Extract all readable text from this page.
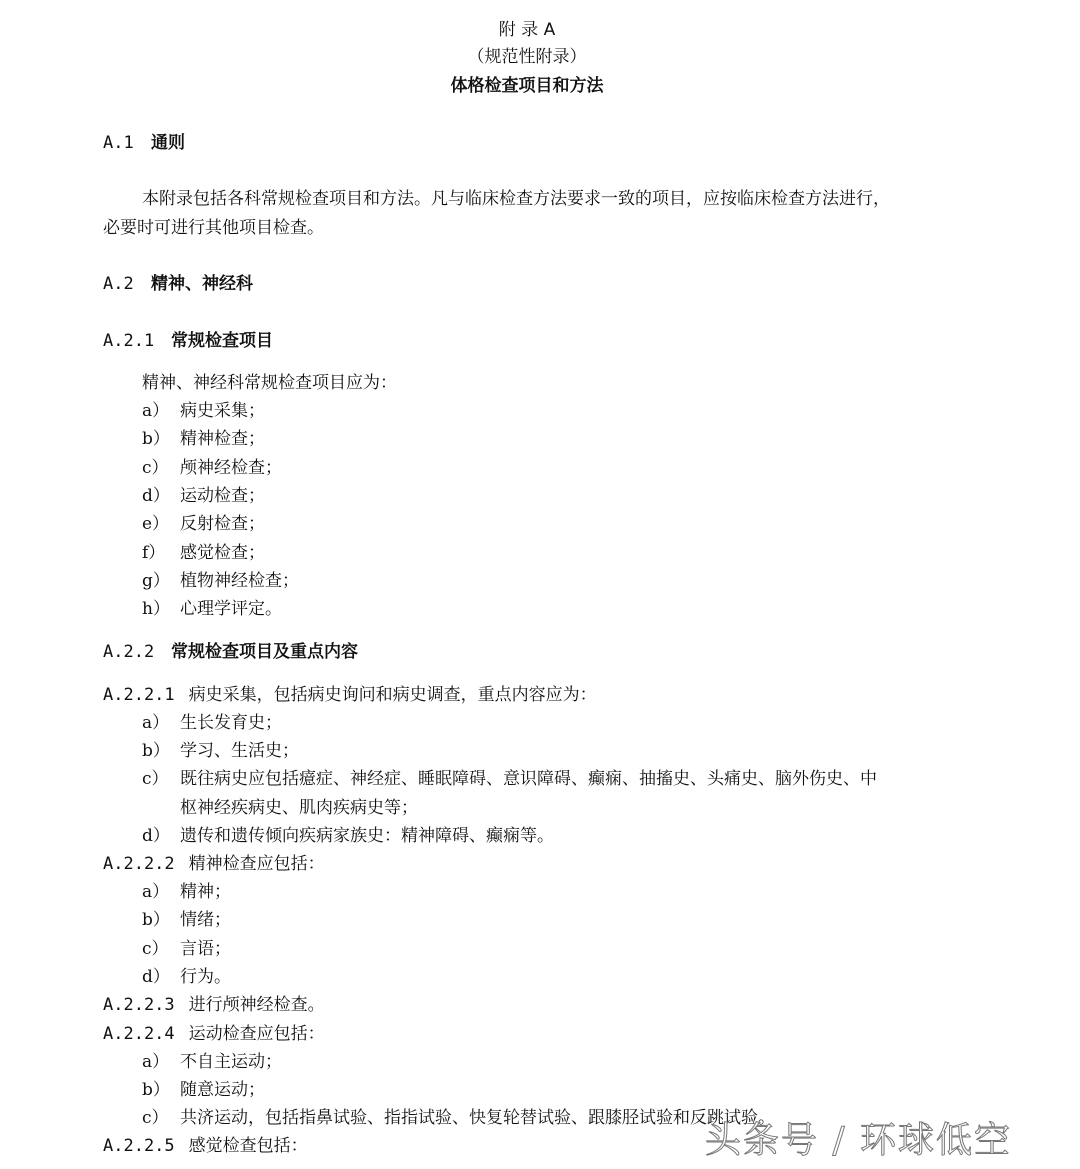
附 录 A
（规范性附录）
体格检查项目和方法
A.1 通则
本附录包括各科常规检查项目和方法。凡与临床检查方法要求一致的项目，应按临床检查方法进行，
必要时可进行其他项目检查。
A.2 精神、神经科
A.2.1 常规检查项目
精神、神经科常规检查项目应为：
a） 病史采集；
b） 精神检查；
c） 颅神经检查；
d） 运动检查；
e） 反射检查；
f） 感觉检查；
g） 植物神经检查；
h） 心理学评定。
A.2.2 常规检查项目及重点内容
A.2.2.1 病史采集，包括病史询问和病史调查，重点内容应为：
a） 生长发育史；
b） 学习、生活史；
c） 既往病史应包括癔症、神经症、睡眠障碍、意识障碍、癫痫、抽搐史、头痛史、脑外伤史、中
枢神经疾病史、肌肉疾病史等；
d） 遗传和遗传倾向疾病家族史：精神障碍、癫痫等。
A.2.2.2 精神检查应包括：
a） 精神；
b） 情绪；
c） 言语；
d） 行为。
A.2.2.3 进行颅神经检查。
A.2.2.4 运动检查应包括：
a） 不自主运动；
b） 随意运动；
c） 共济运动，包括指鼻试验、指指试验、快复轮替试验、跟膝胫试验和反跳试验。
A.2.2.5 感觉检查包括：	头条号 / 环球低空
